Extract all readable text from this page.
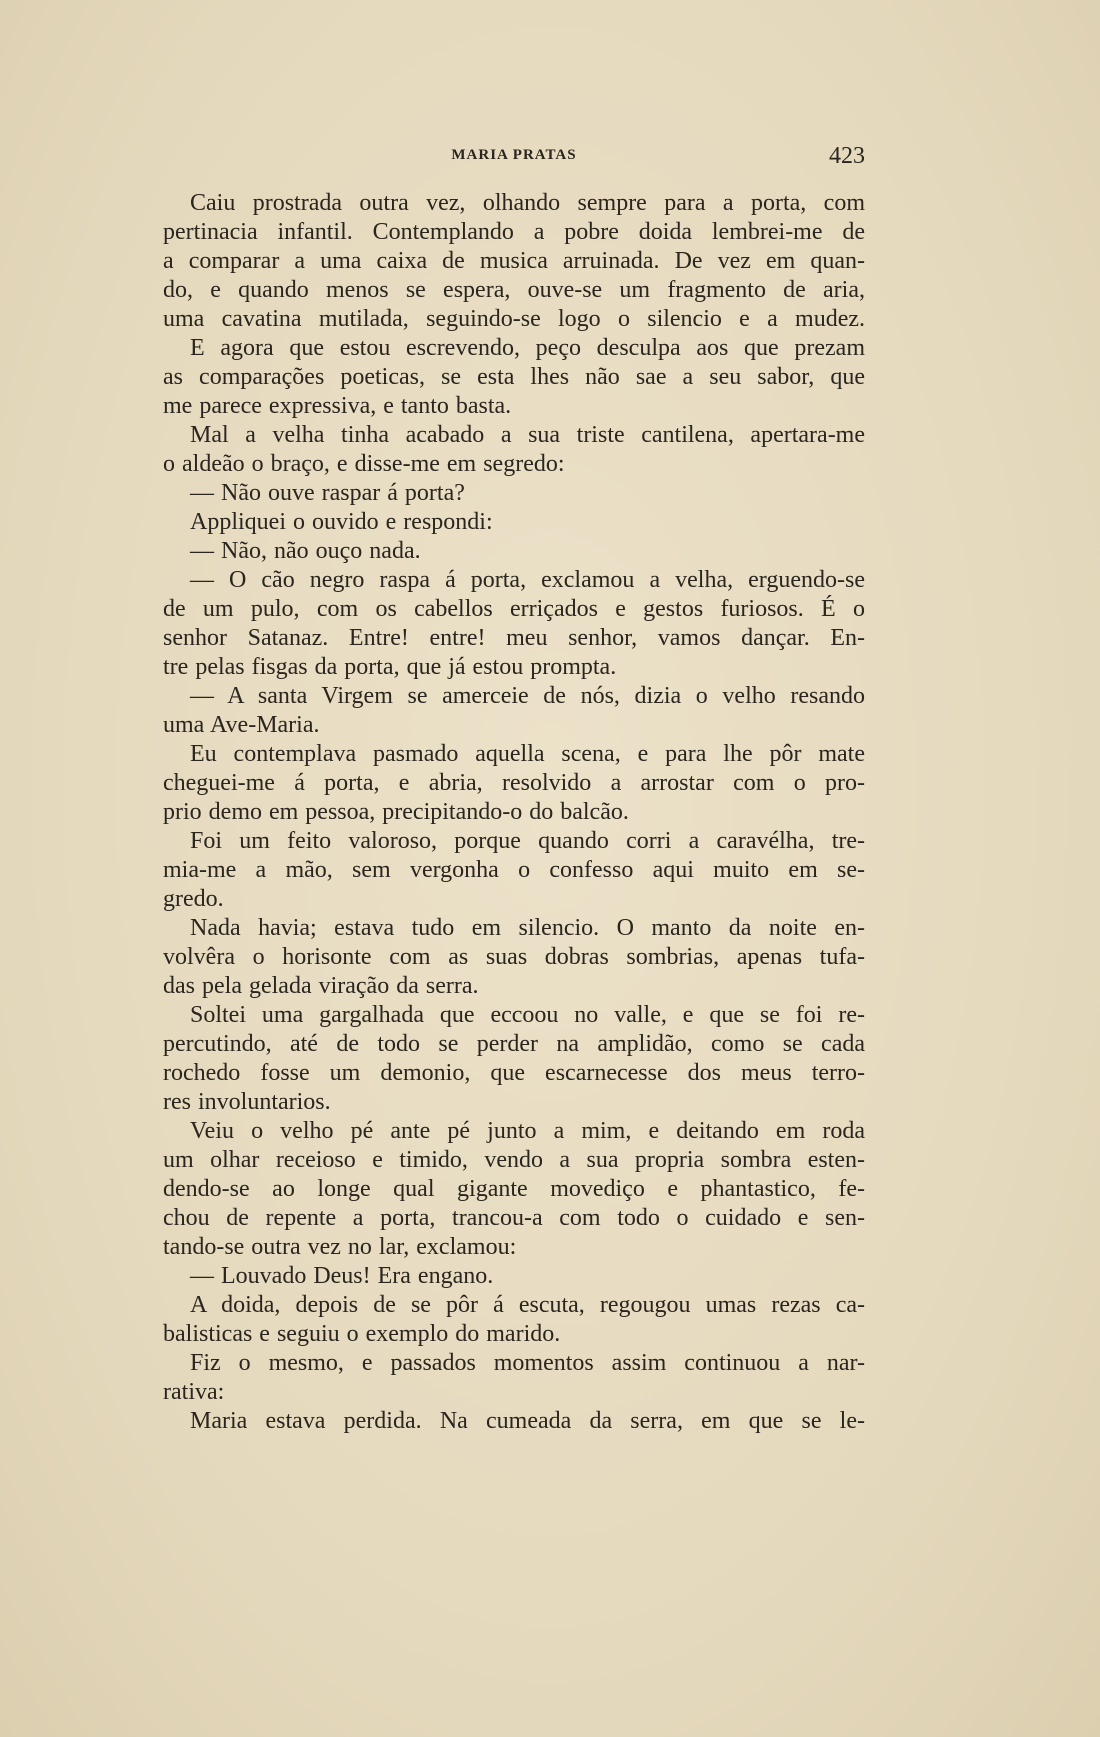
MARIA PRATAS	423
Caiu prostrada outra vez, olhando sempre para a porta, com
pertinacia infantil. Contemplando a pobre doida lembrei-me de
a comparar a uma caixa de musica arruinada. De vez em quan-
do, e quando menos se espera, ouve-se um fragmento de aria,
uma cavatina mutilada, seguindo-se logo o silencio e a mudez.
E agora que estou escrevendo, peço desculpa aos que prezam
as comparações poeticas, se esta lhes não sae a seu sabor, que
me parece expressiva, e tanto basta.
Mal a velha tinha acabado a sua triste cantilena, apertara-me
o aldeão o braço, e disse-me em segredo:
— Não ouve raspar á porta?
Appliquei o ouvido e respondi:
— Não, não ouço nada.
— O cão negro raspa á porta, exclamou a velha, erguendo-se
de um pulo, com os cabellos erriçados e gestos furiosos. É o
senhor Satanaz. Entre! entre! meu senhor, vamos dançar. En-
tre pelas fisgas da porta, que já estou prompta.
— A santa Virgem se amerceie de nós, dizia o velho resando
uma Ave-Maria.
Eu contemplava pasmado aquella scena, e para lhe pôr mate
cheguei-me á porta, e abria, resolvido a arrostar com o pro-
prio demo em pessoa, precipitando-o do balcão.
Foi um feito valoroso, porque quando corri a caravélha, tre-
mia-me a mão, sem vergonha o confesso aqui muito em se-
gredo.
Nada havia; estava tudo em silencio. O manto da noite en-
volvêra o horisonte com as suas dobras sombrias, apenas tufa-
das pela gelada viração da serra.
Soltei uma gargalhada que eccoou no valle, e que se foi re-
percutindo, até de todo se perder na amplidão, como se cada
rochedo fosse um demonio, que escarnecesse dos meus terro-
res involuntarios.
Veiu o velho pé ante pé junto a mim, e deitando em roda
um olhar receioso e timido, vendo a sua propria sombra esten-
dendo-se ao longe qual gigante movediço e phantastico, fe-
chou de repente a porta, trancou-a com todo o cuidado e sen-
tando-se outra vez no lar, exclamou:
— Louvado Deus! Era engano.
A doida, depois de se pôr á escuta, regougou umas rezas ca-
balisticas e seguiu o exemplo do marido.
Fiz o mesmo, e passados momentos assim continuou a nar-
rativa:
Maria estava perdida. Na cumeada da serra, em que se le-
